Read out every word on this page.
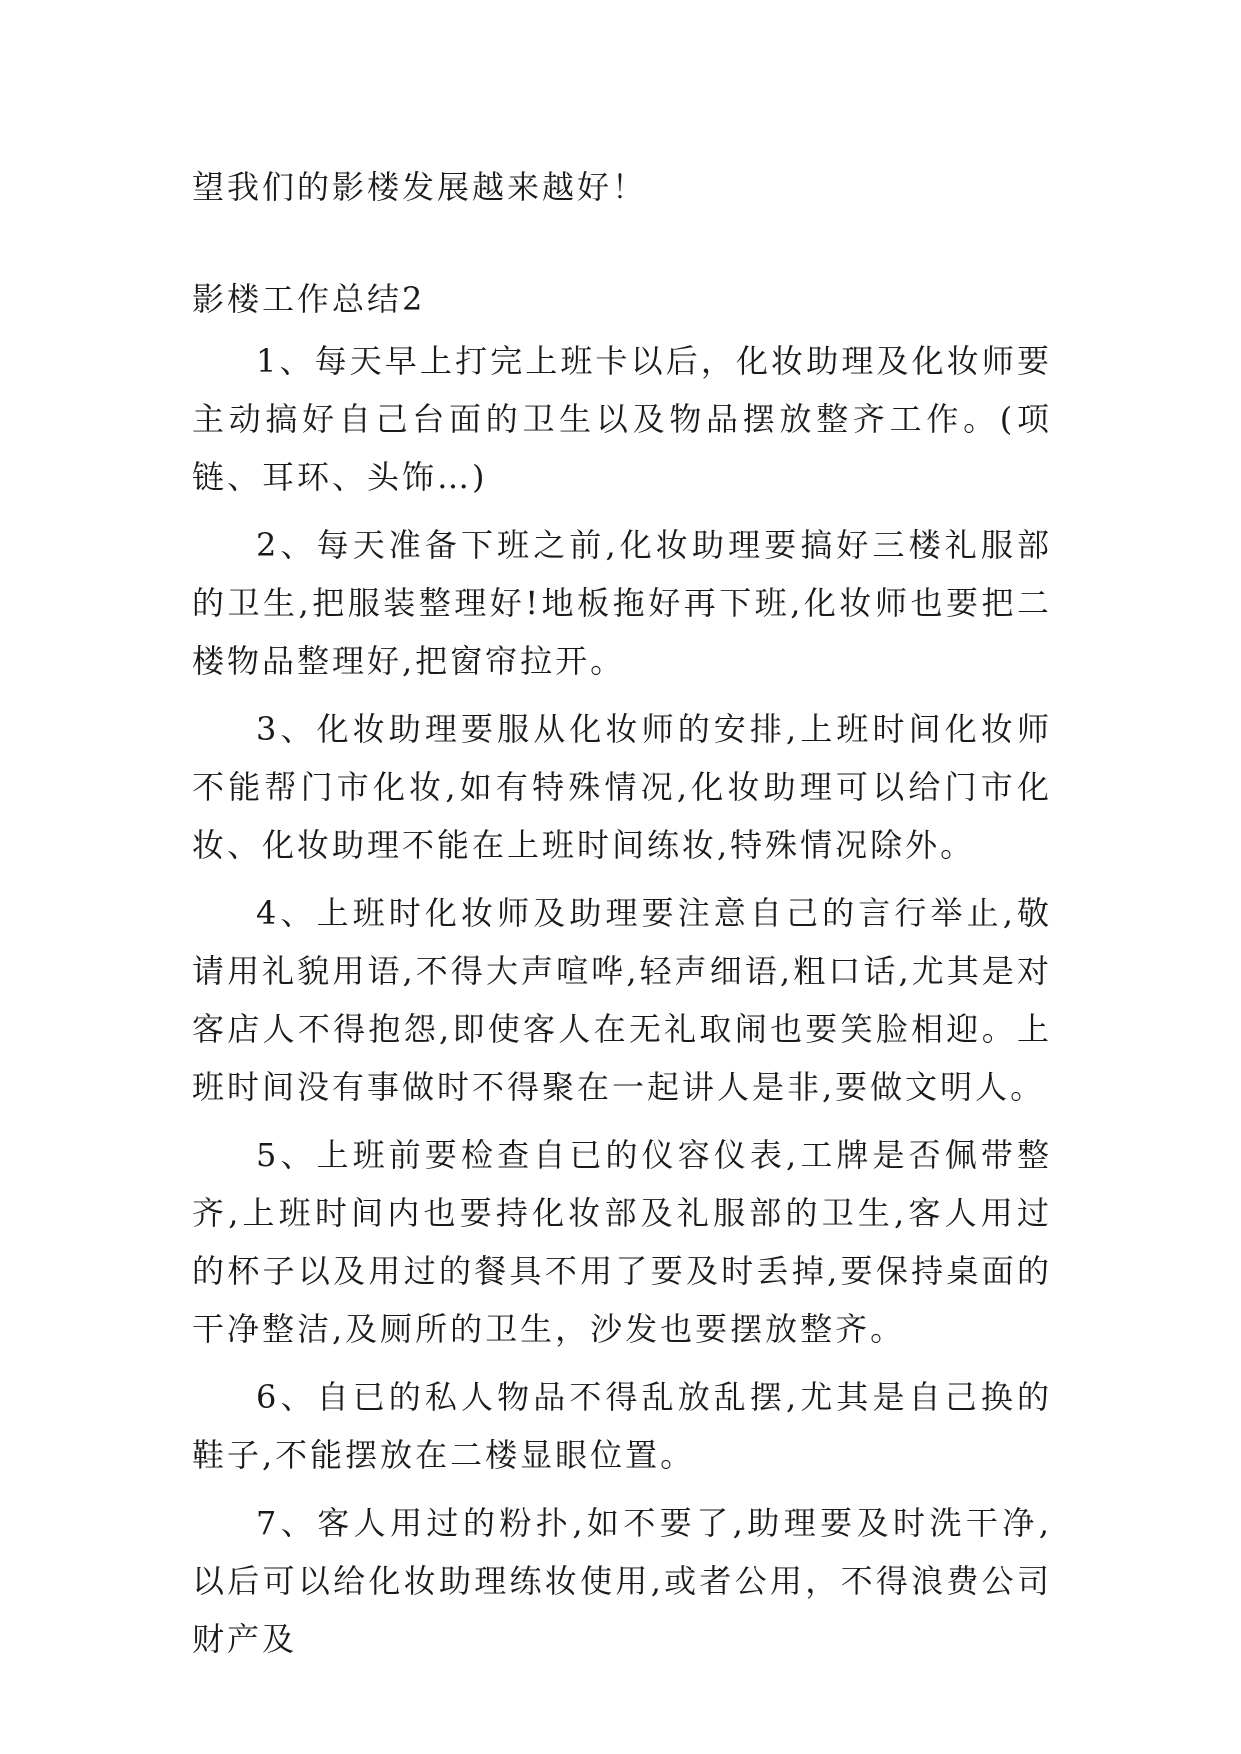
望我们的影楼发展越来越好！

影楼工作总结2

1、每天早上打完上班卡以后，化妆助理及化妆师要主动搞好自己台面的卫生以及物品摆放整齐工作。(项链、耳环、头饰…)

2、每天准备下班之前,化妆助理要搞好三楼礼服部的卫生,把服装整理好!地板拖好再下班,化妆师也要把二楼物品整理好,把窗帘拉开。

3、化妆助理要服从化妆师的安排,上班时间化妆师不能帮门市化妆,如有特殊情况,化妆助理可以给门市化妆、化妆助理不能在上班时间练妆,特殊情况除外。

4、上班时化妆师及助理要注意自己的言行举止,敬请用礼貌用语,不得大声喧哗,轻声细语,粗口话,尤其是对客店人不得抱怨,即使客人在无礼取闹也要笑脸相迎。上班时间没有事做时不得聚在一起讲人是非,要做文明人。

5、上班前要检查自已的仪容仪表,工牌是否佩带整齐,上班时间内也要持化妆部及礼服部的卫生,客人用过的杯子以及用过的餐具不用了要及时丢掉,要保持桌面的干净整洁,及厕所的卫生，沙发也要摆放整齐。

6、自已的私人物品不得乱放乱摆,尤其是自己换的鞋子,不能摆放在二楼显眼位置。

7、客人用过的粉扑,如不要了,助理要及时洗干净,以后可以给化妆助理练妆使用,或者公用，不得浪费公司财产及
